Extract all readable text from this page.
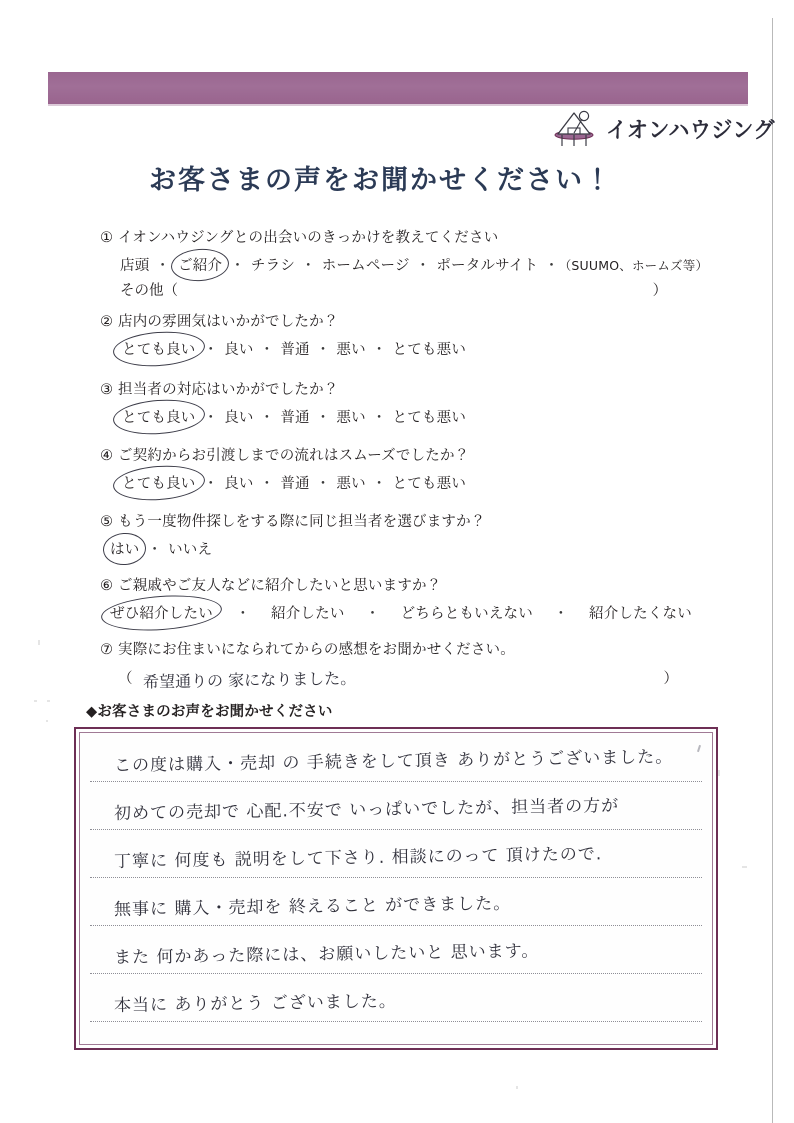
イオンハウジング
お客さまの声をお聞かせください！
① イオンハウジングとの出会いのきっかけを教えてください
店頭 ・ ご紹介 ・ チラシ ・ ホームページ ・ ポータルサイト ・ （SUUMO、ホームズ等）
その他（	）
② 店内の雰囲気はいかがでしたか？
とても良い ・ 良い ・ 普通 ・ 悪い ・ とても悪い
③ 担当者の対応はいかがでしたか？
とても良い ・ 良い ・ 普通 ・ 悪い ・ とても悪い
④ ご契約からお引渡しまでの流れはスムーズでしたか？
とても良い ・ 良い ・ 普通 ・ 悪い ・ とても悪い
⑤ もう一度物件探しをする際に同じ担当者を選びますか？
はい ・ いいえ
⑥ ご親戚やご友人などに紹介したいと思いますか？
ぜひ紹介したい　・　紹介したい　・　どちらともいえない　・　紹介したくない
⑦ 実際にお住まいになられてからの感想をお聞かせください。
（ 希望通りの 家になりました。	）
◆お客さまのお声をお聞かせください
この度は購入・売却 の 手続きをして頂き ありがとうございました。
初めての売却で 心配.不安で いっぱいでしたが、担当者の方が
丁寧に 何度も 説明をして下さり. 相談にのって 頂けたので.
無事に 購入・売却を 終えること ができました。
また 何かあった際には、お願いしたいと 思います。
本当に ありがとう ございました。
